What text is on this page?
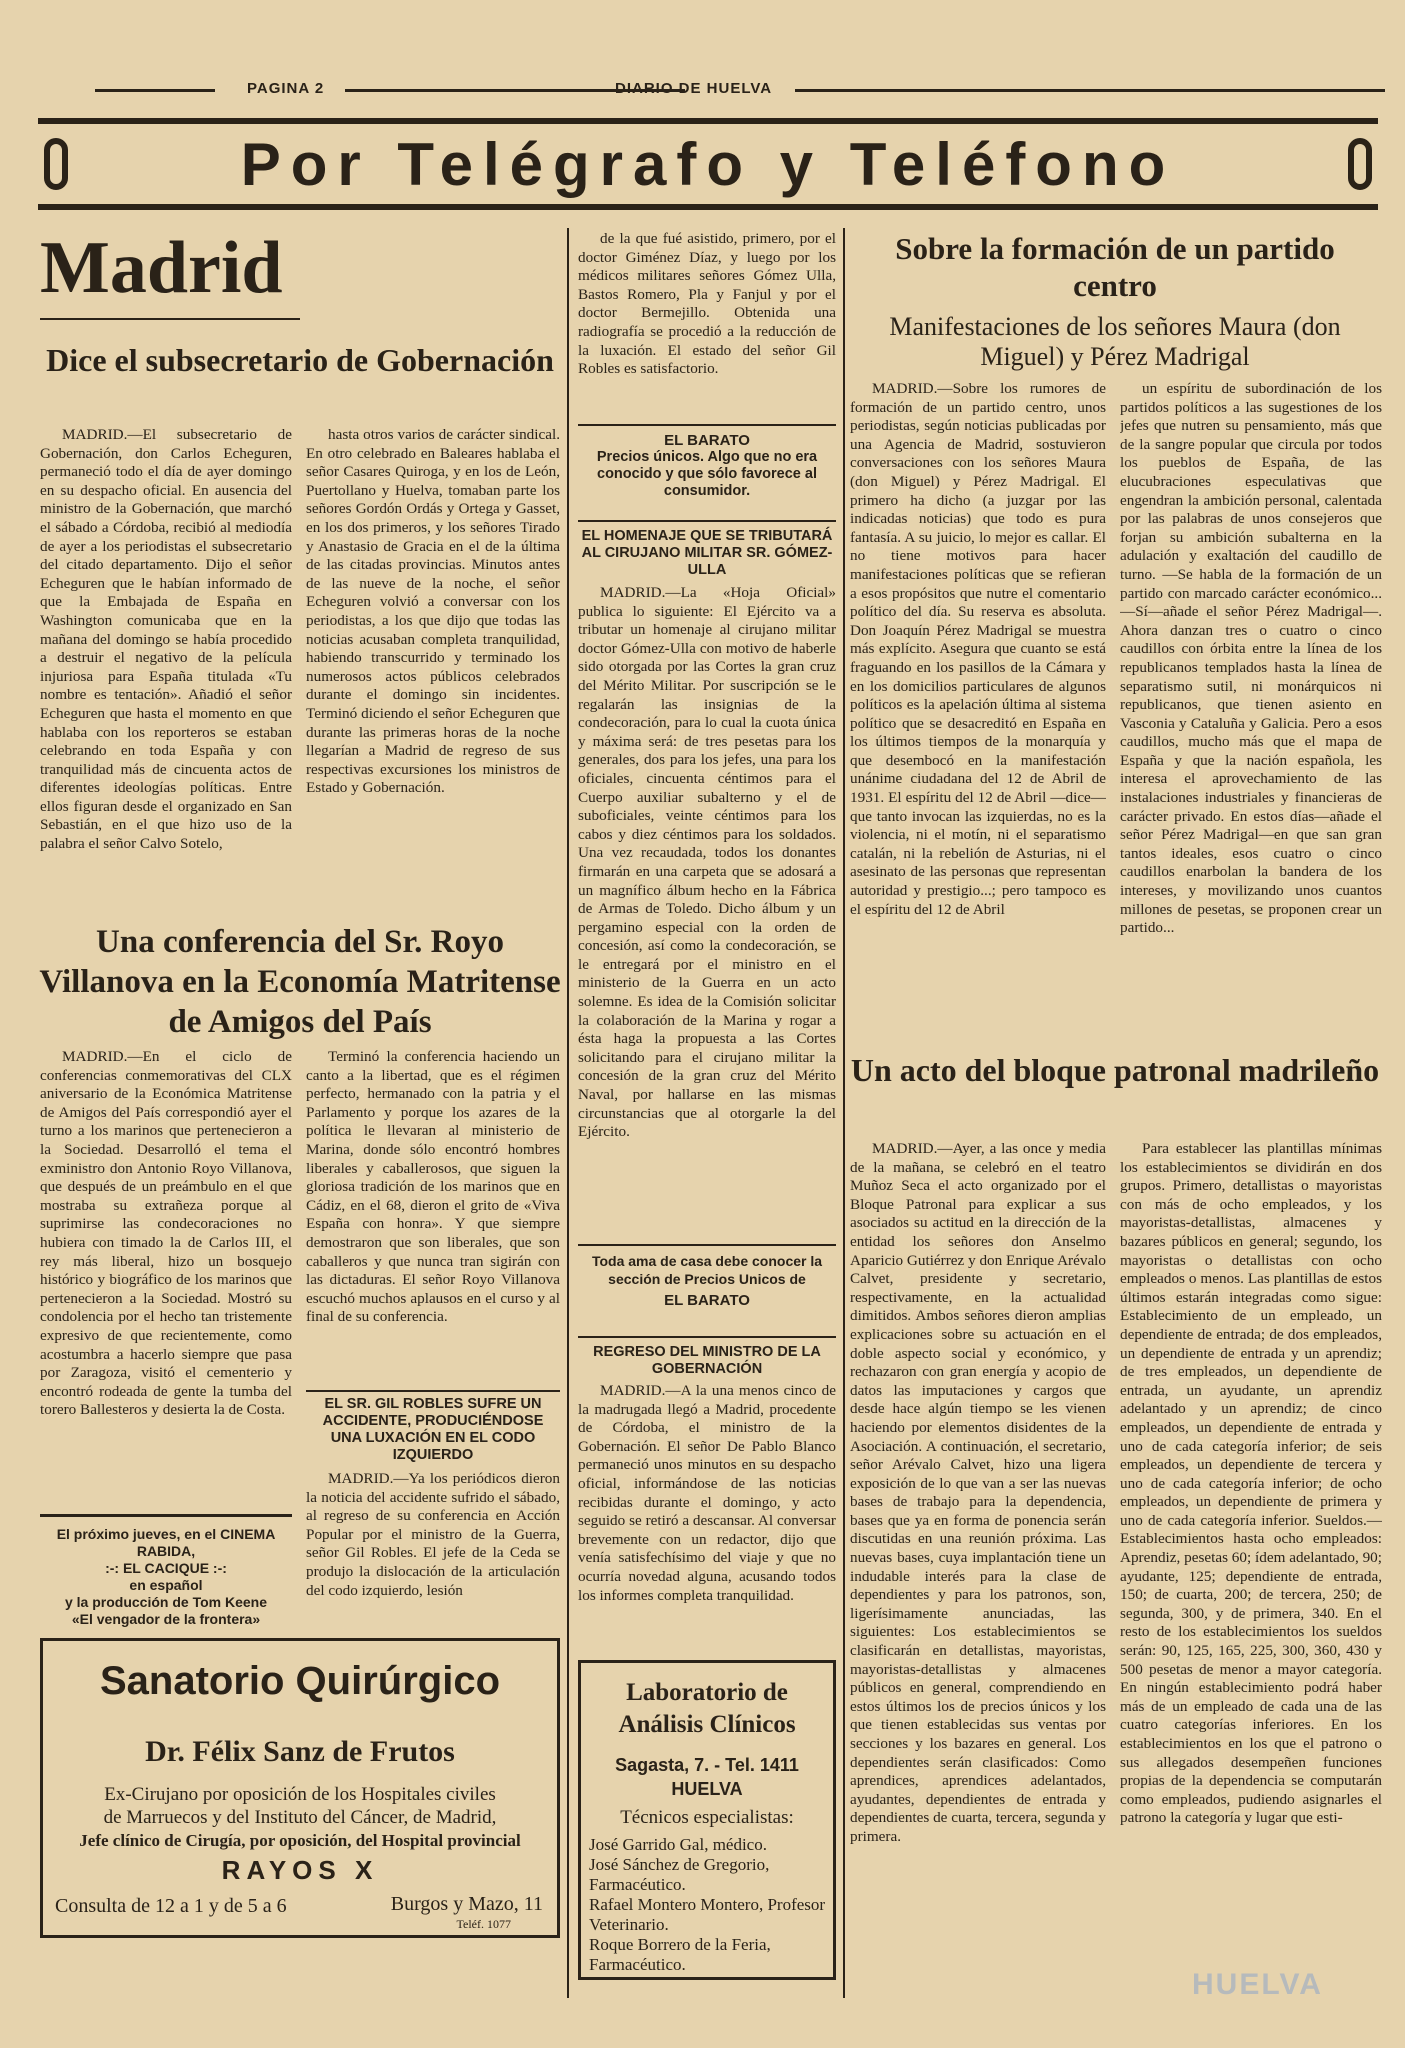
PAGINA 2	DIARIO DE HUELVA
Por Telégrafo y Teléfono
Madrid
Dice el subsecretario de Gobernación

MADRID.—El subsecretario de Gobernación, don Carlos Echeguren, permaneció todo el día de ayer domingo en su despacho oficial. En ausencia del ministro de la Gobernación, que marchó el sábado a Córdoba, recibió al mediodía de ayer a los periodistas el subsecretario del citado departamento. Dijo el señor Echeguren que le habían informado de que la Embajada de España en Washington comunicaba que en la mañana del domingo se había procedido a destruir el negativo de la película injuriosa para España titulada «Tu nombre es tentación». Añadió el señor Echeguren que hasta el momento en que hablaba con los reporteros se estaban celebrando en toda España y con tranquilidad más de cincuenta actos de diferentes ideologías políticas. Entre ellos figuran desde el organizado en San Sebastián, en el que hizo uso de la palabra el señor Calvo Sotelo,

hasta otros varios de carácter sindical. En otro celebrado en Baleares hablaba el señor Casares Quiroga, y en los de León, Puertollano y Huelva, tomaban parte los señores Gordón Ordás y Ortega y Gasset, en los dos primeros, y los señores Tirado y Anastasio de Gracia en el de la última de las citadas provincias. Minutos antes de las nueve de la noche, el señor Echeguren volvió a conversar con los periodistas, a los que dijo que todas las noticias acusaban completa tranquilidad, habiendo transcurrido y terminado los numerosos actos públicos celebrados durante el domingo sin incidentes. Terminó diciendo el señor Echeguren que durante las primeras horas de la noche llegarían a Madrid de regreso de sus respectivas excursiones los ministros de Estado y Gobernación.

Una conferencia del Sr. Royo Villanova en la Economía Matritense de Amigos del País

MADRID.—En el ciclo de conferencias conmemorativas del CLX aniversario de la Económica Matritense de Amigos del País correspondió ayer el turno a los marinos que pertenecieron a la Sociedad. Desarrolló el tema el exministro don Antonio Royo Villanova, que después de un preámbulo en el que mostraba su extrañeza porque al suprimirse las condecoraciones no hubiera con timado la de Carlos III, el rey más liberal, hizo un bosquejo histórico y biográfico de los marinos que pertenecieron a la Sociedad. Mostró su condolencia por el hecho tan tristemente expresivo de que recientemente, como acostumbra a hacerlo siempre que pasa por Zaragoza, visitó el cementerio y encontró rodeada de gente la tumba del torero Ballesteros y desierta la de Costa.

Terminó la conferencia haciendo un canto a la libertad, que es el régimen perfecto, hermanado con la patria y el Parlamento y porque los azares de la política le llevaran al ministerio de Marina, donde sólo encontró hombres liberales y caballerosos, que siguen la gloriosa tradición de los marinos que en Cádiz, en el 68, dieron el grito de «Viva España con honra». Y que siempre demostraron que son liberales, que son caballeros y que nunca tran sigirán con las dictaduras. El señor Royo Villanova escuchó muchos aplausos en el curso y al final de su conferencia.

EL SR. GIL ROBLES SUFRE UN ACCIDENTE, PRODUCIÉNDOSE UNA LUXACIÓN EN EL CODO IZQUIERDO

MADRID.—Ya los periódicos dieron la noticia del accidente sufrido el sábado, al regreso de su conferencia en Acción Popular por el ministro de la Guerra, señor Gil Robles. El jefe de la Ceda se produjo la dislocación de la articulación del codo izquierdo, lesión

El próximo jueves, en el CINEMA RABIDA,
:-: EL CACIQUE :-:
en español
y la producción de Tom Keene
«El vengador de la frontera»
Sanatorio Quirúrgico
Dr. Félix Sanz de Frutos
Ex-Cirujano por oposición de los Hospitales civiles
de Marruecos y del Instituto del Cáncer, de Madrid,
Jefe clínico de Cirugía, por oposición, del Hospital provincial
RAYOS X
Consulta de 12 a 1 y de 5 a 6	Burgos y Mazo, 11
Teléf. 1077

de la que fué asistido, primero, por el doctor Giménez Díaz, y luego por los médicos militares señores Gómez Ulla, Bastos Romero, Pla y Fanjul y por el doctor Bermejillo. Obtenida una radiografía se procedió a la reducción de la luxación. El estado del señor Gil Robles es satisfactorio.

EL BARATO
Precios únicos. Algo que no era conocido y que sólo favorece al consumidor.
EL HOMENAJE QUE SE TRIBUTARÁ AL CIRUJANO MILITAR SR. GÓMEZ-ULLA

MADRID.—La «Hoja Oficial» publica lo siguiente: El Ejército va a tributar un homenaje al cirujano militar doctor Gómez-Ulla con motivo de haberle sido otorgada por las Cortes la gran cruz del Mérito Militar. Por suscripción se le regalarán las insignias de la condecoración, para lo cual la cuota única y máxima será: de tres pesetas para los generales, dos para los jefes, una para los oficiales, cincuenta céntimos para el Cuerpo auxiliar subalterno y el de suboficiales, veinte céntimos para los cabos y diez céntimos para los soldados. Una vez recaudada, todos los donantes firmarán en una carpeta que se adosará a un magnífico álbum hecho en la Fábrica de Armas de Toledo. Dicho álbum y un pergamino especial con la orden de concesión, así como la condecoración, se le entregará por el ministro en el ministerio de la Guerra en un acto solemne. Es idea de la Comisión solicitar la colaboración de la Marina y rogar a ésta haga la propuesta a las Cortes solicitando para el cirujano militar la concesión de la gran cruz del Mérito Naval, por hallarse en las mismas circunstancias que al otorgarle la del Ejército.

Toda ama de casa debe conocer la sección de Precios Unicos de
EL BARATO
REGRESO DEL MINISTRO DE LA GOBERNACIÓN

MADRID.—A la una menos cinco de la madrugada llegó a Madrid, procedente de Córdoba, el ministro de la Gobernación. El señor De Pablo Blanco permaneció unos minutos en su despacho oficial, informándose de las noticias recibidas durante el domingo, y acto seguido se retiró a descansar. Al conversar brevemente con un redactor, dijo que venía satisfechísimo del viaje y que no ocurría novedad alguna, acusando todos los informes completa tranquilidad.

Laboratorio de Análisis Clínicos
Sagasta, 7. - Tel. 1411
HUELVA
Técnicos especialistas:
José Garrido Gal, médico.
José Sánchez de Gregorio, Farmacéutico.
Rafael Montero Montero, Profesor Veterinario.
Roque Borrero de la Feria, Farmacéutico.
Sobre la formación de un partido centro
Manifestaciones de los señores Maura (don Miguel) y Pérez Madrigal

MADRID.—Sobre los rumores de formación de un partido centro, unos periodistas, según noticias publicadas por una Agencia de Madrid, sostuvieron conversaciones con los señores Maura (don Miguel) y Pérez Madrigal. El primero ha dicho (a juzgar por las indicadas noticias) que todo es pura fantasía. A su juicio, lo mejor es callar. El no tiene motivos para hacer manifestaciones políticas que se refieran a esos propósitos que nutre el comentario político del día. Su reserva es absoluta. Don Joaquín Pérez Madrigal se muestra más explícito. Asegura que cuanto se está fraguando en los pasillos de la Cámara y en los domicilios particulares de algunos políticos es la apelación última al sistema político que se desacreditó en España en los últimos tiempos de la monarquía y que desembocó en la manifestación unánime ciudadana del 12 de Abril de 1931. El espíritu del 12 de Abril —dice— que tanto invocan las izquierdas, no es la violencia, ni el motín, ni el separatismo catalán, ni la rebelión de Asturias, ni el asesinato de las personas que representan autoridad y prestigio...; pero tampoco es el espíritu del 12 de Abril

un espíritu de subordinación de los partidos políticos a las sugestiones de los jefes que nutren su pensamiento, más que de la sangre popular que circula por todos los pueblos de España, de las elucubraciones especulativas que engendran la ambición personal, calentada por las palabras de unos consejeros que forjan su ambición subalterna en la adulación y exaltación del caudillo de turno. —Se habla de la formación de un partido con marcado carácter económico... —Sí—añade el señor Pérez Madrigal—. Ahora danzan tres o cuatro o cinco caudillos con órbita entre la línea de los republicanos templados hasta la línea de separatismo sutil, ni monárquicos ni republicanos, que tienen asiento en Vasconia y Cataluña y Galicia. Pero a esos caudillos, mucho más que el mapa de España y que la nación española, les interesa el aprovechamiento de las instalaciones industriales y financieras de carácter privado. En estos días—añade el señor Pérez Madrigal—en que san gran tantos ideales, esos cuatro o cinco caudillos enarbolan la bandera de los intereses, y movilizando unos cuantos millones de pesetas, se proponen crear un partido...

Un acto del bloque patronal madrileño

MADRID.—Ayer, a las once y media de la mañana, se celebró en el teatro Muñoz Seca el acto organizado por el Bloque Patronal para explicar a sus asociados su actitud en la dirección de la entidad los señores don Anselmo Aparicio Gutiérrez y don Enrique Arévalo Calvet, presidente y secretario, respectivamente, en la actualidad dimitidos. Ambos señores dieron amplias explicaciones sobre su actuación en el doble aspecto social y económico, y rechazaron con gran energía y acopio de datos las imputaciones y cargos que desde hace algún tiempo se les vienen haciendo por elementos disidentes de la Asociación. A continuación, el secretario, señor Arévalo Calvet, hizo una ligera exposición de lo que van a ser las nuevas bases de trabajo para la dependencia, bases que ya en forma de ponencia serán discutidas en una reunión próxima. Las nuevas bases, cuya implantación tiene un indudable interés para la clase de dependientes y para los patronos, son, ligerísimamente anunciadas, las siguientes: Los establecimientos se clasificarán en detallistas, mayoristas, mayoristas-detallistas y almacenes públicos en general, comprendiendo en estos últimos los de precios únicos y los que tienen establecidas sus ventas por secciones y los bazares en general. Los dependientes serán clasificados: Como aprendices, aprendices adelantados, ayudantes, dependientes de entrada y dependientes de cuarta, tercera, segunda y primera.

Para establecer las plantillas mínimas los establecimientos se dividirán en dos grupos. Primero, detallistas o mayoristas con más de ocho empleados, y los mayoristas-detallistas, almacenes y bazares públicos en general; segundo, los mayoristas o detallistas con ocho empleados o menos. Las plantillas de estos últimos estarán integradas como sigue: Establecimiento de un empleado, un dependiente de entrada; de dos empleados, un dependiente de entrada y un aprendiz; de tres empleados, un dependiente de entrada, un ayudante, un aprendiz adelantado y un aprendiz; de cinco empleados, un dependiente de entrada y uno de cada categoría inferior; de seis empleados, un dependiente de tercera y uno de cada categoría inferior; de ocho empleados, un dependiente de primera y uno de cada categoría inferior. Sueldos.—Establecimientos hasta ocho empleados: Aprendiz, pesetas 60; ídem adelantado, 90; ayudante, 125; dependiente de entrada, 150; de cuarta, 200; de tercera, 250; de segunda, 300, y de primera, 340. En el resto de los establecimientos los sueldos serán: 90, 125, 165, 225, 300, 360, 430 y 500 pesetas de menor a mayor categoría. En ningún establecimiento podrá haber más de un empleado de cada una de las cuatro categorías inferiores. En los establecimientos en los que el patrono o sus allegados desempeñen funciones propias de la dependencia se computarán como empleados, pudiendo asignarles el patrono la categoría y lugar que esti-

HUELVA
